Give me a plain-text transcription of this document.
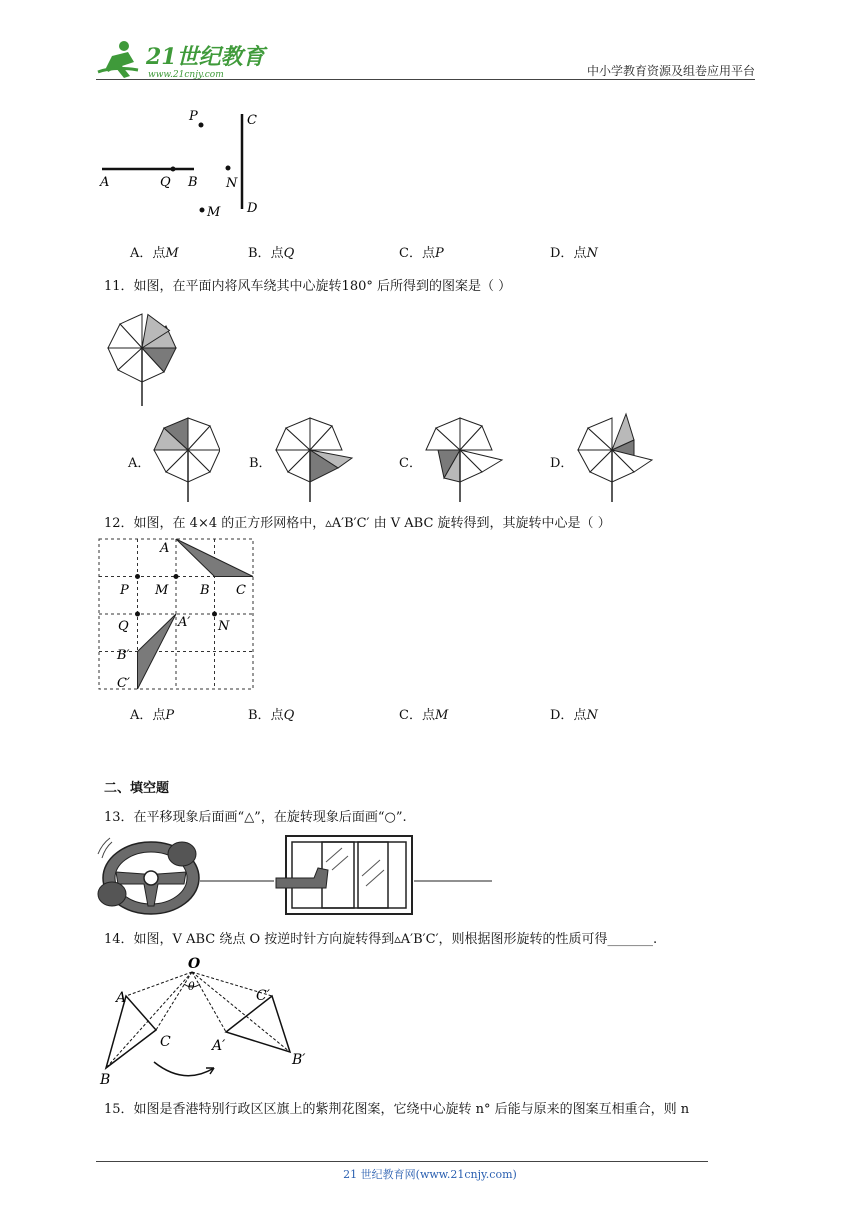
21世纪教育
www.21cnjy.com	中小学教育资源及组卷应用平台
A	Q B N
M
P	C
D
A．点M	B．点Q	C．点P	D．点N
11．如图，在平面内将风车绕其中心旋转180° 后所得到的图案是（ ）
A．	B．	C．	D．
12．如图，在 4×4 的正方形网格中，▵A′B′C′ 由 V ABC 旋转得到，其旋转中心是（ ）
A
P M B C
Q	A′ N
B′
C′
A．点P	B．点Q	C．点M	D．点N
二、填空题
13．在平移现象后面画“△”，在旋转现象后面画“○”.
14．如图，V ABC 绕点 O 按逆时针方向旋转得到▵A′B′C′，则根据图形旋转的性质可得_______.
O
θ
A
C
B
A′
B′
C′
15．如图是香港特别行政区区旗上的紫荆花图案，它绕中心旋转 n° 后能与原来的图案互相重合，则 n
21 世纪教育网(www.21cnjy.com)
